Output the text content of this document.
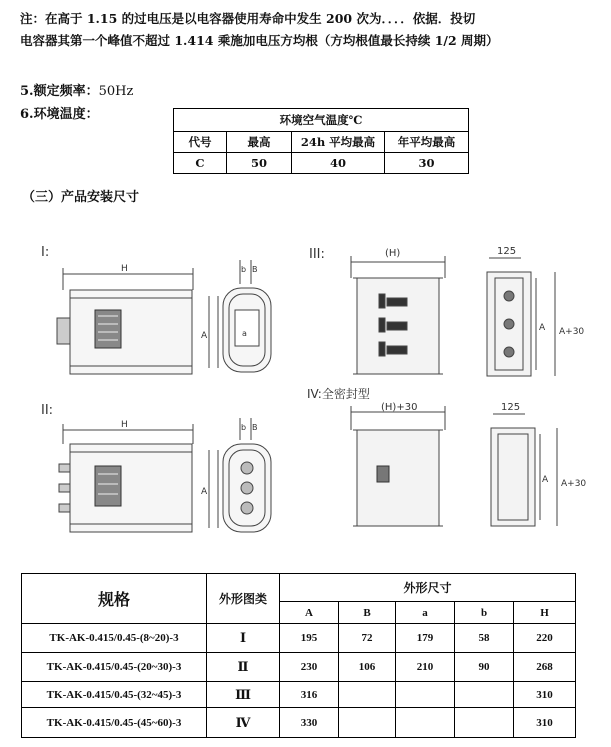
注：在高于 1.15 的过电压是以电容器使用寿命中发生 200 次为．．．．依据．投切

电容器其第一个峰值不超过 1.414 乘施加电压方均根（方均根值最长持续 1/2 周期）

5.额定频率：50Hz
6.环境温度：	环境空气温度℃			
代号	最高	24h 平均最高	年平均最高
C	50	40	30
（三）产品安装尺寸
I:
H
A
b B
a
II:
H
A
b B
III:	(H)	125
A A+30
IV:全密封型
(H)+30	125
A A+30
规格	外形图类	外形尺寸				
		A	B	a	b	H
TK-AK-0.415/0.45-(8~20)-3	Ⅰ	195	72	179	58	220
TK-AK-0.415/0.45-(20~30)-3	Ⅱ	230	106	210	90	268
TK-AK-0.415/0.45-(32~45)-3	Ⅲ	316				310
TK-AK-0.415/0.45-(45~60)-3	Ⅳ	330				310
